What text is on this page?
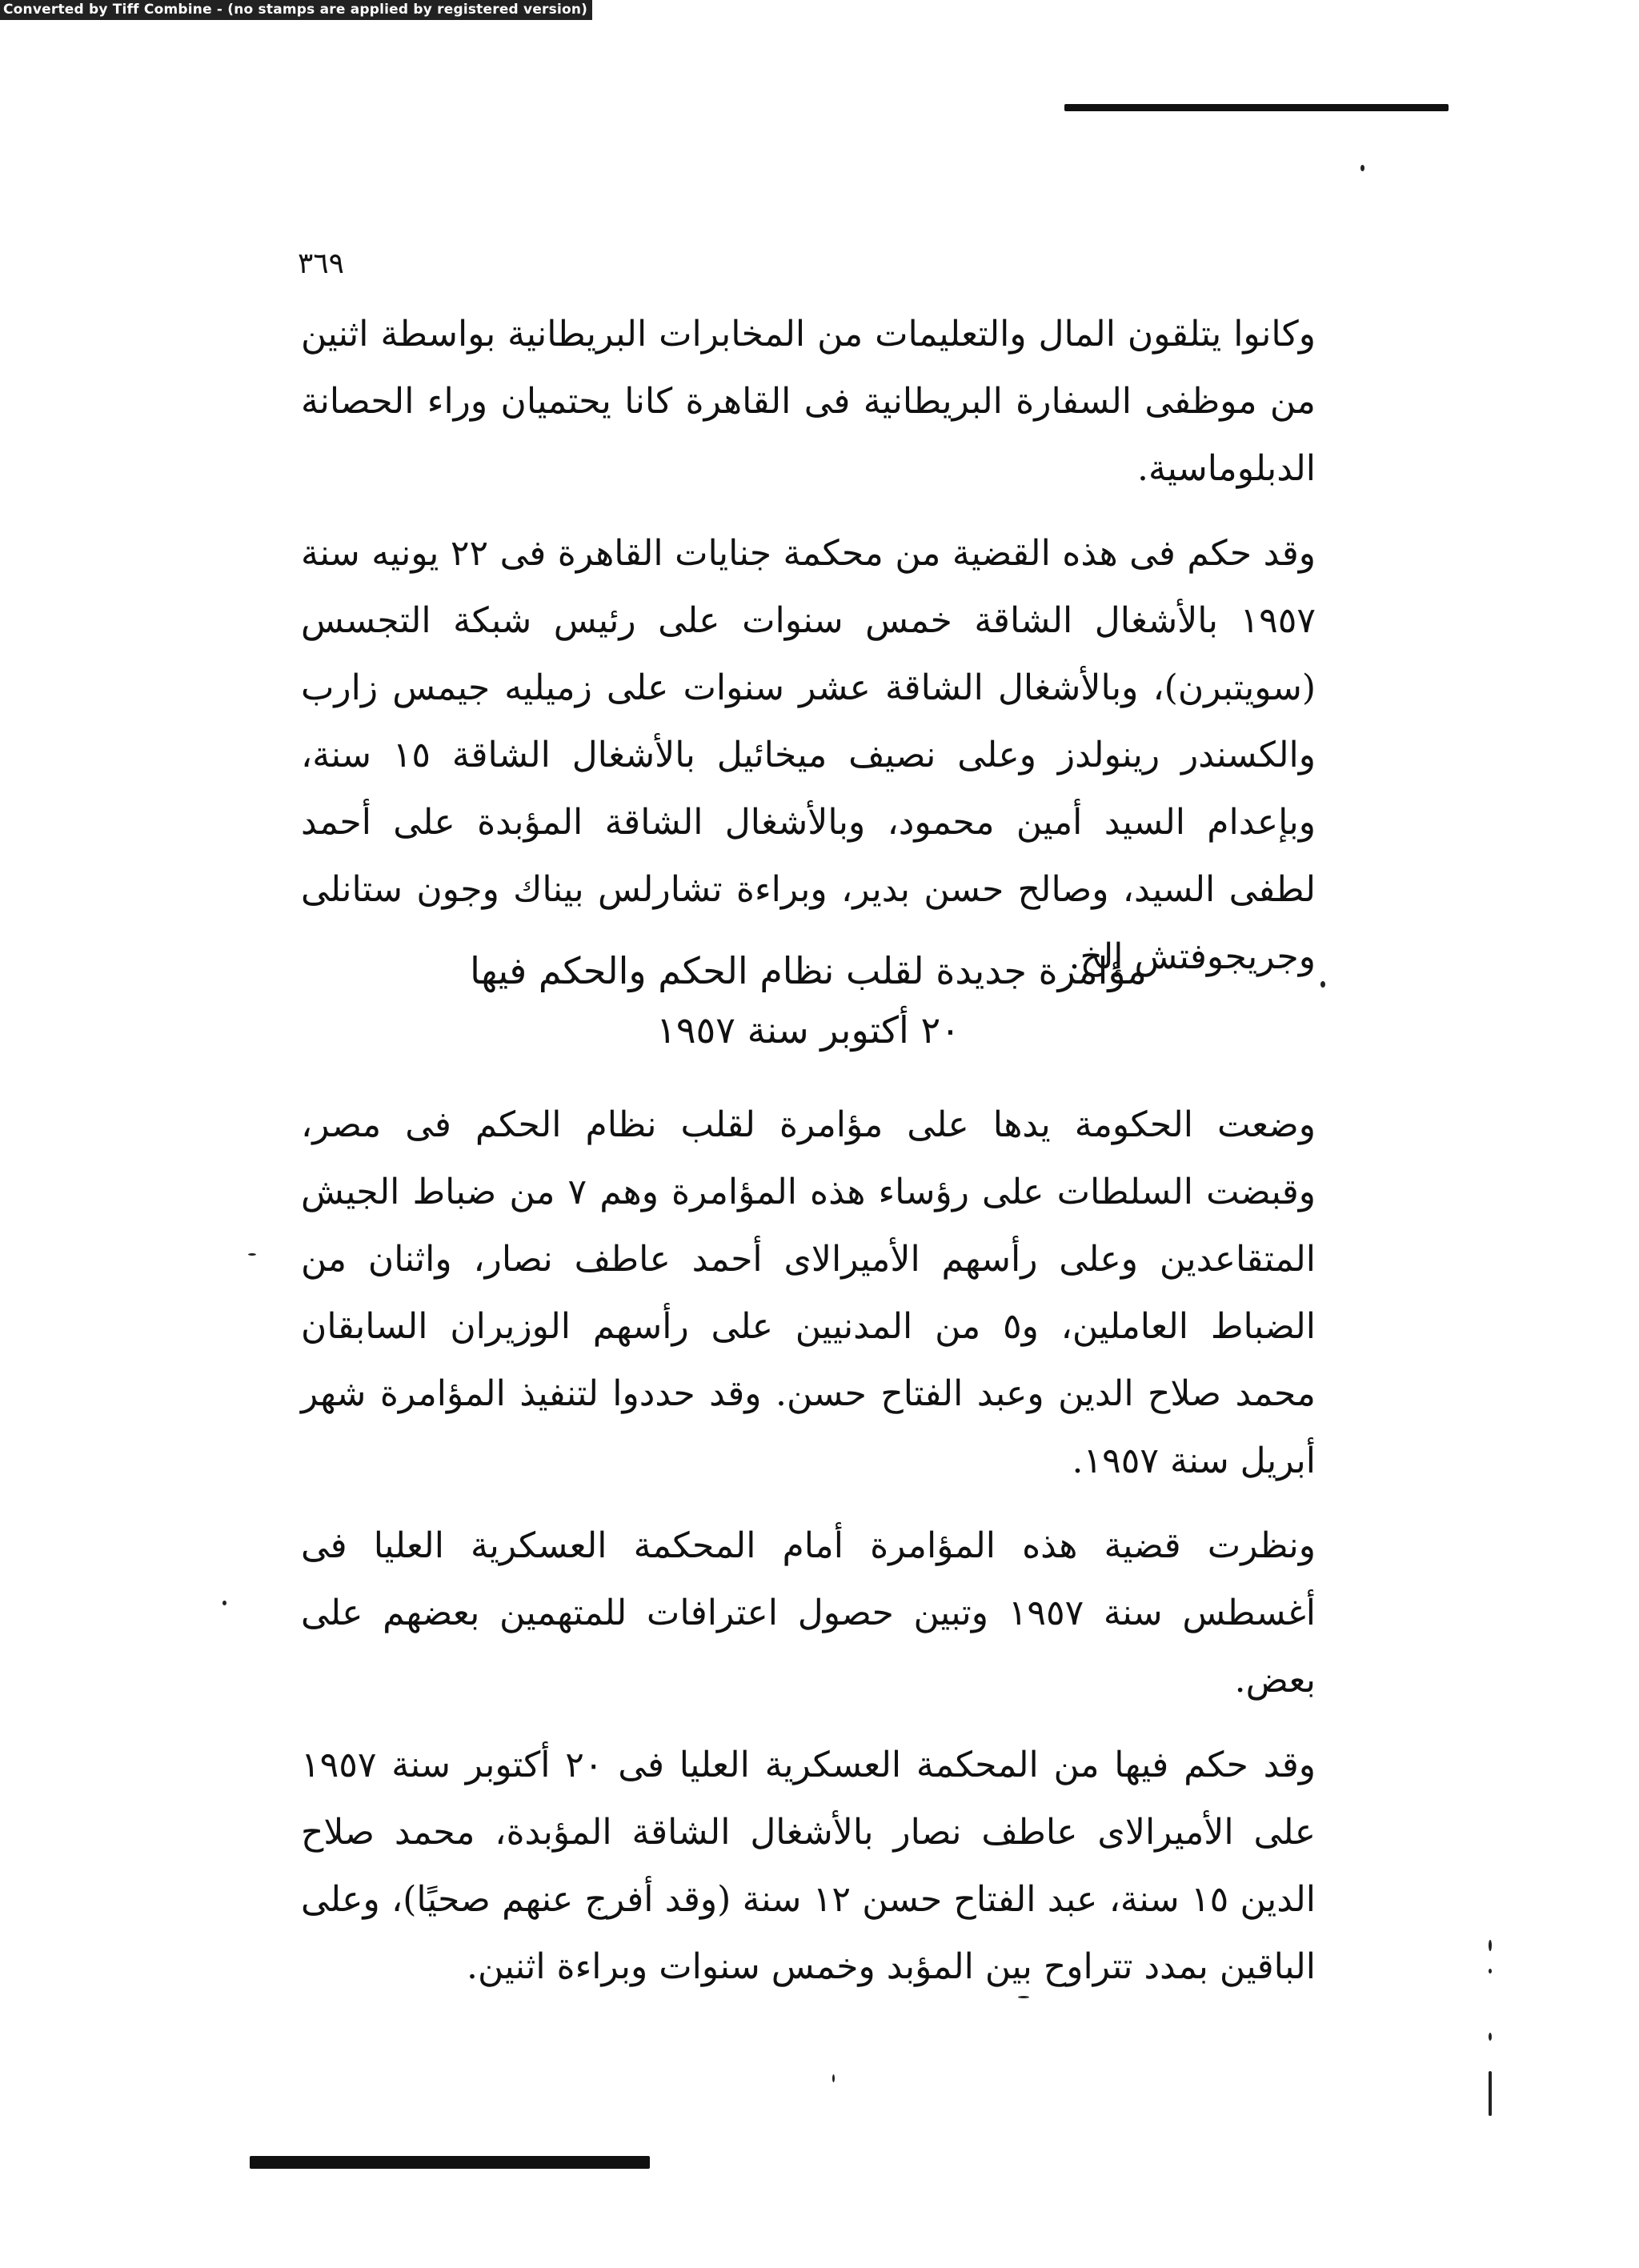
Converted by Tiff Combine - (no stamps are applied by registered version)
٣٦٩

وكانوا يتلقون المال والتعليمات من المخابرات البريطانية بواسطة اثنين من موظفى السفارة البريطانية فى القاهرة كانا يحتميان وراء الحصانة الدبلوماسية.

وقد حكم فى هذه القضية من محكمة جنايات القاهرة فى ٢٢ يونيه سنة ١٩٥٧ بالأشغال الشاقة خمس سنوات على رئيس شبكة التجسس (سويتبرن)، وبالأشغال الشاقة عشر سنوات على زميليه جيمس زارب والكسندر رينولدز وعلى نصيف ميخائيل بالأشغال الشاقة ١٥ سنة، وبإعدام السيد أمين محمود، وبالأشغال الشاقة المؤبدة على أحمد لطفى السيد، وصالح حسن بدير، وبراءة تشارلس بيناك وجون ستانلى وجريجوفتش إلخ.

مؤامرة جديدة لقلب نظام الحكم والحكم فيها
٢٠ أكتوبر سنة ١٩٥٧

وضعت الحكومة يدها على مؤامرة لقلب نظام الحكم فى مصر، وقبضت السلطات على رؤساء هذه المؤامرة وهم ٧ من ضباط الجيش المتقاعدين وعلى رأسهم الأميرالاى أحمد عاطف نصار، واثنان من الضباط العاملين، و٥ من المدنيين على رأسهم الوزيران السابقان محمد صلاح الدين وعبد الفتاح حسن. وقد حددوا لتنفيذ المؤامرة شهر أبريل سنة ١٩٥٧.

ونظرت قضية هذه المؤامرة أمام المحكمة العسكرية العليا فى أغسطس سنة ١٩٥٧ وتبين حصول اعترافات للمتهمين بعضهم على بعض.

وقد حكم فيها من المحكمة العسكرية العليا فى ٢٠ أكتوبر سنة ١٩٥٧ على الأميرالاى عاطف نصار بالأشغال الشاقة المؤبدة، محمد صلاح الدين ١٥ سنة، عبد الفتاح حسن ١٢ سنة (وقد أفرج عنهم صحيًا)، وعلى الباقين بمدد تتراوح بين المؤبد وخمس سنوات وبراءة اثنين.
